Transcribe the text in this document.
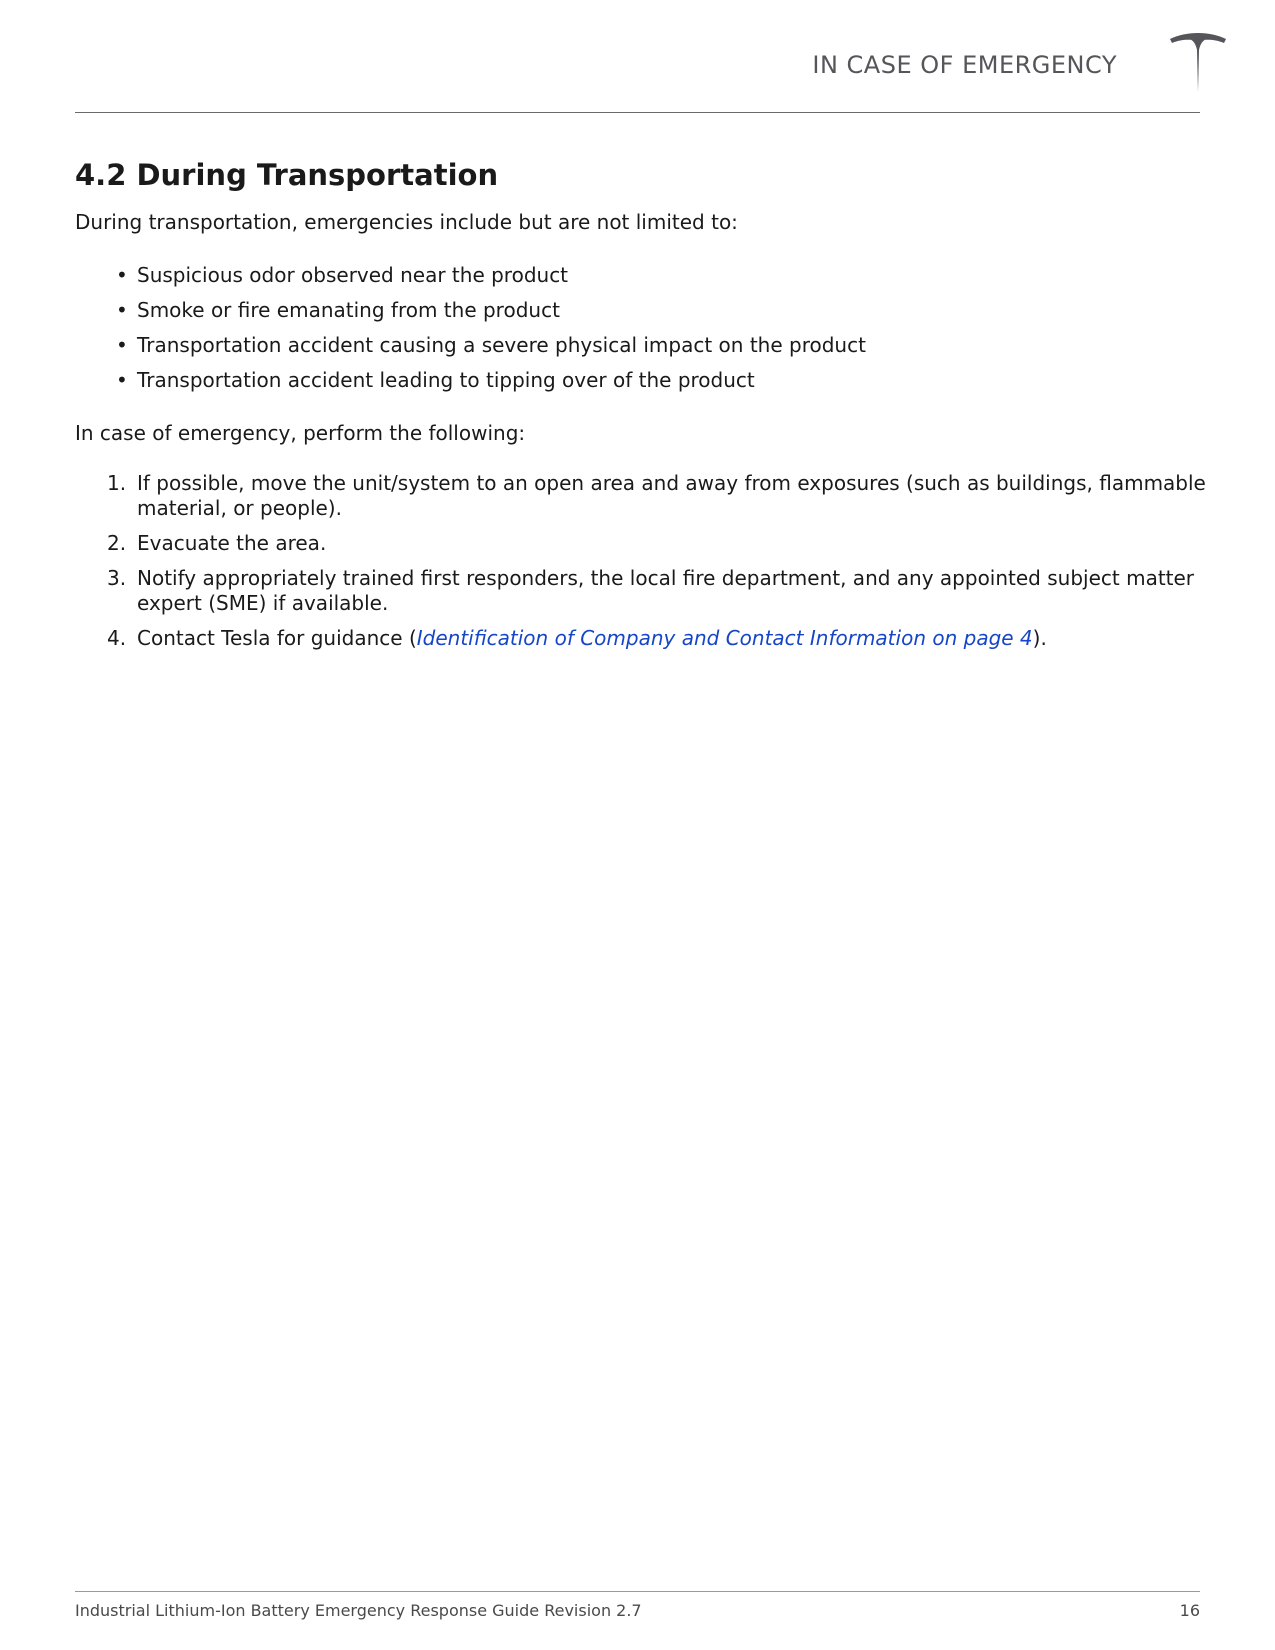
IN CASE OF EMERGENCY
4.2 During Transportation

During transportation, emergencies include but are not limited to:

• Suspicious odor observed near the product
• Smoke or fire emanating from the product
• Transportation accident causing a severe physical impact on the product
• Transportation accident leading to tipping over of the product

In case of emergency, perform the following:

1. If possible, move the unit/system to an open area and away from exposures (such as buildings, flammable material, or people).
2. Evacuate the area.
3. Notify appropriately trained first responders, the local fire department, and any appointed subject matter expert (SME) if available.
4. Contact Tesla for guidance (Identification of Company and Contact Information on page 4).
Industrial Lithium-Ion Battery Emergency Response Guide Revision 2.7	16
